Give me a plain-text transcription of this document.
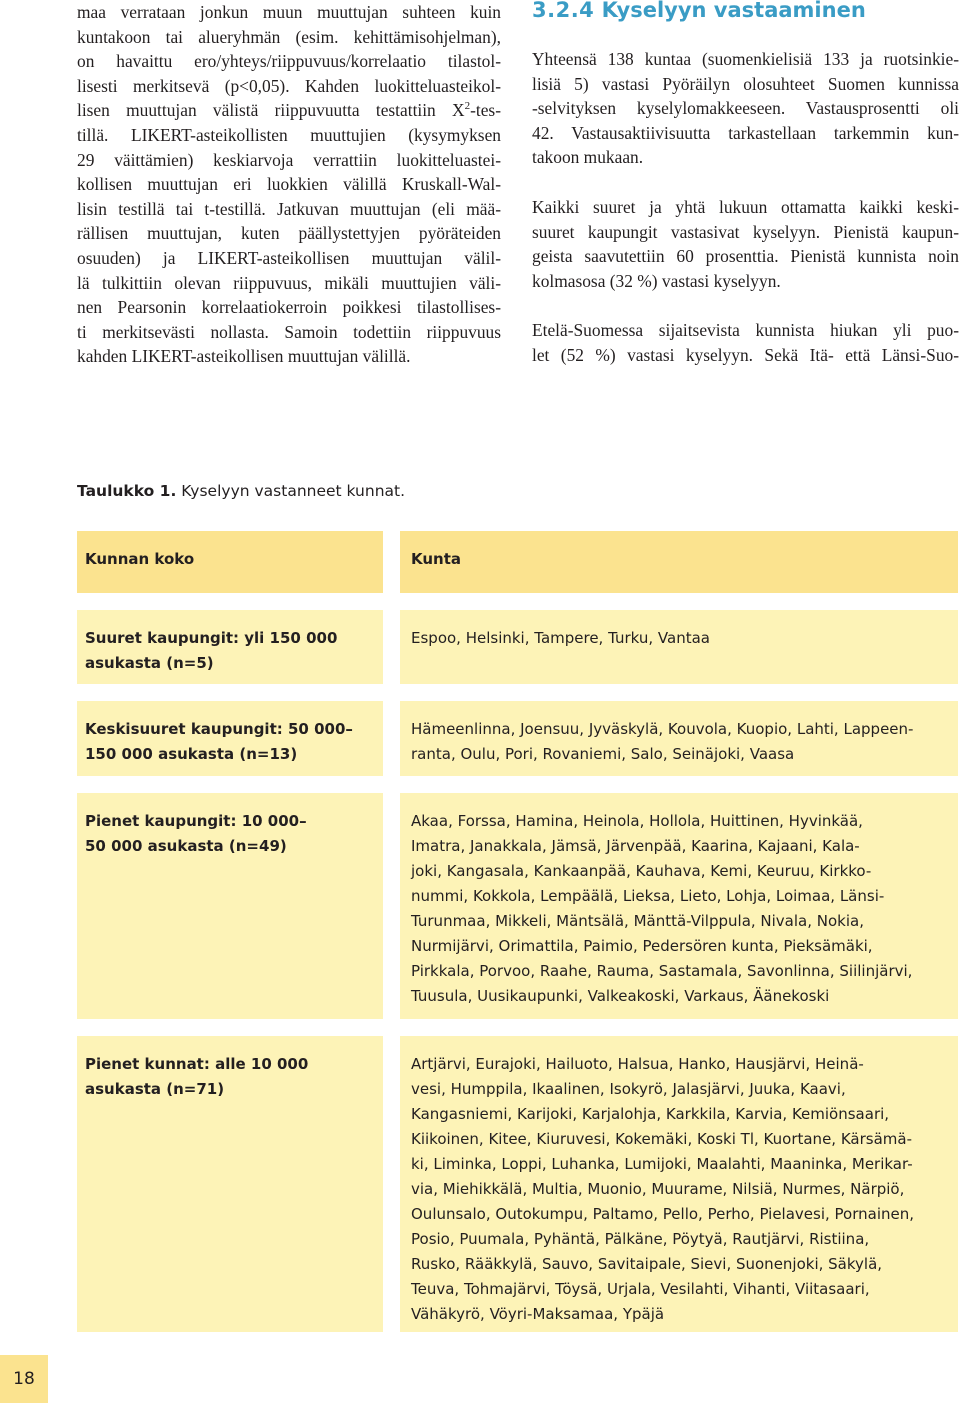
maa verrataan jonkun muun muuttujan suhteen kuin
kuntakoon tai alueryhmän (esim. kehittämisohjelman),
on havaittu ero/yhteys/riippuvuus/korrelaatio tilastol-
lisesti merkitsevä (p<0,05). Kahden luokitteluasteikol-
lisen muuttujan välistä riippuvuutta testattiin $X^2-tes-$
tillä. LIKERT-asteikollisten muuttujien (kysymyksen
29 väittämien) keskiarvoja verrattiin luokitteluastei-
kollisen muuttujan eri luokkien välillä Kruskall-Wal-
lisin testillä tai t-testillä. Jatkuvan muuttujan (eli mää-
rällisen muuttujan, kuten päällystettyjen pyöräteiden
osuuden) ja LIKERT-asteikollisen muuttujan välil-
lä tulkittiin olevan riippuvuus, mikäli muuttujien väli-
nen Pearsonin korrelaatiokerroin poikkesi tilastollises-
ti merkitsevästi nollasta. Samoin todettiin riippuvuus
kahden LIKERT-asteikollisen muuttujan välillä.
3.2.4 Kyselyyn vastaaminen
Yhteensä 138 kuntaa (suomenkielisiä 133 ja ruotsinkie-
lisiä 5) vastasi Pyöräilyn olosuhteet Suomen kunnissa
-selvityksen kyselylomakkeeseen. Vastausprosentti oli
42. Vastausaktiivisuutta tarkastellaan tarkemmin kun-
takoon mukaan.
Kaikki suuret ja yhtä lukuun ottamatta kaikki keski-
suuret kaupungit vastasivat kyselyyn. Pienistä kaupun-
geista saavutettiin 60 prosenttia. Pienistä kunnista noin
kolmasosa (32 %) vastasi kyselyyn.
Etelä-Suomessa sijaitsevista kunnista hiukan yli puo-
let (52 %) vastasi kyselyyn. Sekä Itä- että Länsi-Suo-
Taulukko 1. Kyselyyn vastanneet kunnat.
Kunnan koko	Kunta
Suuret kaupungit: yli 150 000
asukasta (n=5)
Espoo, Helsinki, Tampere, Turku, Vantaa
Keskisuuret kaupungit: 50 000–
150 000 asukasta (n=13)
Hämeenlinna, Joensuu, Jyväskylä, Kouvola, Kuopio, Lahti, Lappeen-
ranta, Oulu, Pori, Rovaniemi, Salo, Seinäjoki, Vaasa
Pienet kaupungit: 10 000–
50 000 asukasta (n=49)
Akaa, Forssa, Hamina, Heinola, Hollola, Huittinen, Hyvinkää,
Imatra, Janakkala, Jämsä, Järvenpää, Kaarina, Kajaani, Kala-
joki, Kangasala, Kankaanpää, Kauhava, Kemi, Keuruu, Kirkko-
nummi, Kokkola, Lempäälä, Lieksa, Lieto, Lohja, Loimaa, Länsi-
Turunmaa, Mikkeli, Mäntsälä, Mänttä-Vilppula, Nivala, Nokia,
Nurmijärvi, Orimattila, Paimio, Pedersören kunta, Pieksämäki,
Pirkkala, Porvoo, Raahe, Rauma, Sastamala, Savonlinna, Siilinjärvi,
Tuusula, Uusikaupunki, Valkeakoski, Varkaus, Äänekoski
Pienet kunnat: alle 10 000
asukasta (n=71)
Artjärvi, Eurajoki, Hailuoto, Halsua, Hanko, Hausjärvi, Heinä-
vesi, Humppila, Ikaalinen, Isokyrö, Jalasjärvi, Juuka, Kaavi,
Kangasniemi, Karijoki, Karjalohja, Karkkila, Karvia, Kemiönsaari,
Kiikoinen, Kitee, Kiuruvesi, Kokemäki, Koski Tl, Kuortane, Kärsämä-
ki, Liminka, Loppi, Luhanka, Lumijoki, Maalahti, Maaninka, Merikar-
via, Miehikkälä, Multia, Muonio, Muurame, Nilsiä, Nurmes, Närpiö,
Oulunsalo, Outokumpu, Paltamo, Pello, Perho, Pielavesi, Pornainen,
Posio, Puumala, Pyhäntä, Pälkäne, Pöytyä, Rautjärvi, Ristiina,
Rusko, Rääkkylä, Sauvo, Savitaipale, Sievi, Suonenjoki, Säkylä,
Teuva, Tohmajärvi, Töysä, Urjala, Vesilahti, Vihanti, Viitasaari,
Vähäkyrö, Vöyri-Maksamaa, Ypäjä
18
